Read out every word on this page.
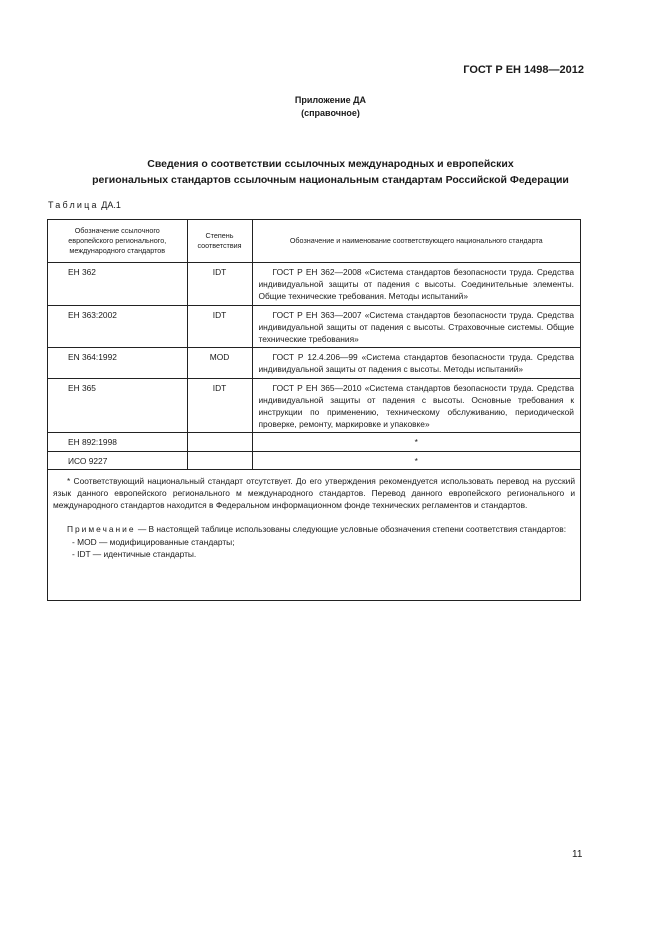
ГОСТ Р ЕН 1498—2012
Приложение ДА
(справочное)
Сведения о соответствии ссылочных международных и европейских
региональных стандартов ссылочным национальным стандартам Российской Федерации
Таблица ДА.1
Обозначение ссылочного европейского регионального, международного стандартов	Степень соответствия	Обозначение и наименование соответствующего национального стандарта
ЕН 362	IDT	ГОСТ Р ЕН 362—2008 «Система стандартов безопасности труда. Средства индивидуальной защиты от падения с высоты. Соединительные элементы. Общие технические требования. Методы испытаний»
ЕН 363:2002	IDT	ГОСТ Р ЕН 363—2007 «Система стандартов безопасности труда. Средства индивидуальной защиты от падения с высоты. Страховочные системы. Общие технические требования»
EN 364:1992	MOD	ГОСТ Р 12.4.206—99 «Система стандартов безопасности труда. Средства индивидуальной защиты от падения с высоты. Методы испытаний»
ЕН 365	IDT	ГОСТ Р ЕН 365—2010 «Система стандартов безопасности труда. Средства индивидуальной защиты от падения с высоты. Основные требования к инструкции по применению, техническому обслуживанию, периодической проверке, ремонту, маркировке и упаковке»
ЕН 892:1998		*
ИСО 9227		*
* Соответствующий национальный стандарт отсутствует. До его утверждения рекомендуется использовать перевод на русский язык данного европейского регионального м международного стандартов. Перевод данного европейского регионального и международного стандартов находится в Федеральном информационном фонде технических регламентов и стандартов.
Примечание — В настоящей таблице использованы следующие условные обозначения степени соответствия стандартов:
- MOD — модифицированные стандарты;
- IDT — идентичные стандарты.
11
